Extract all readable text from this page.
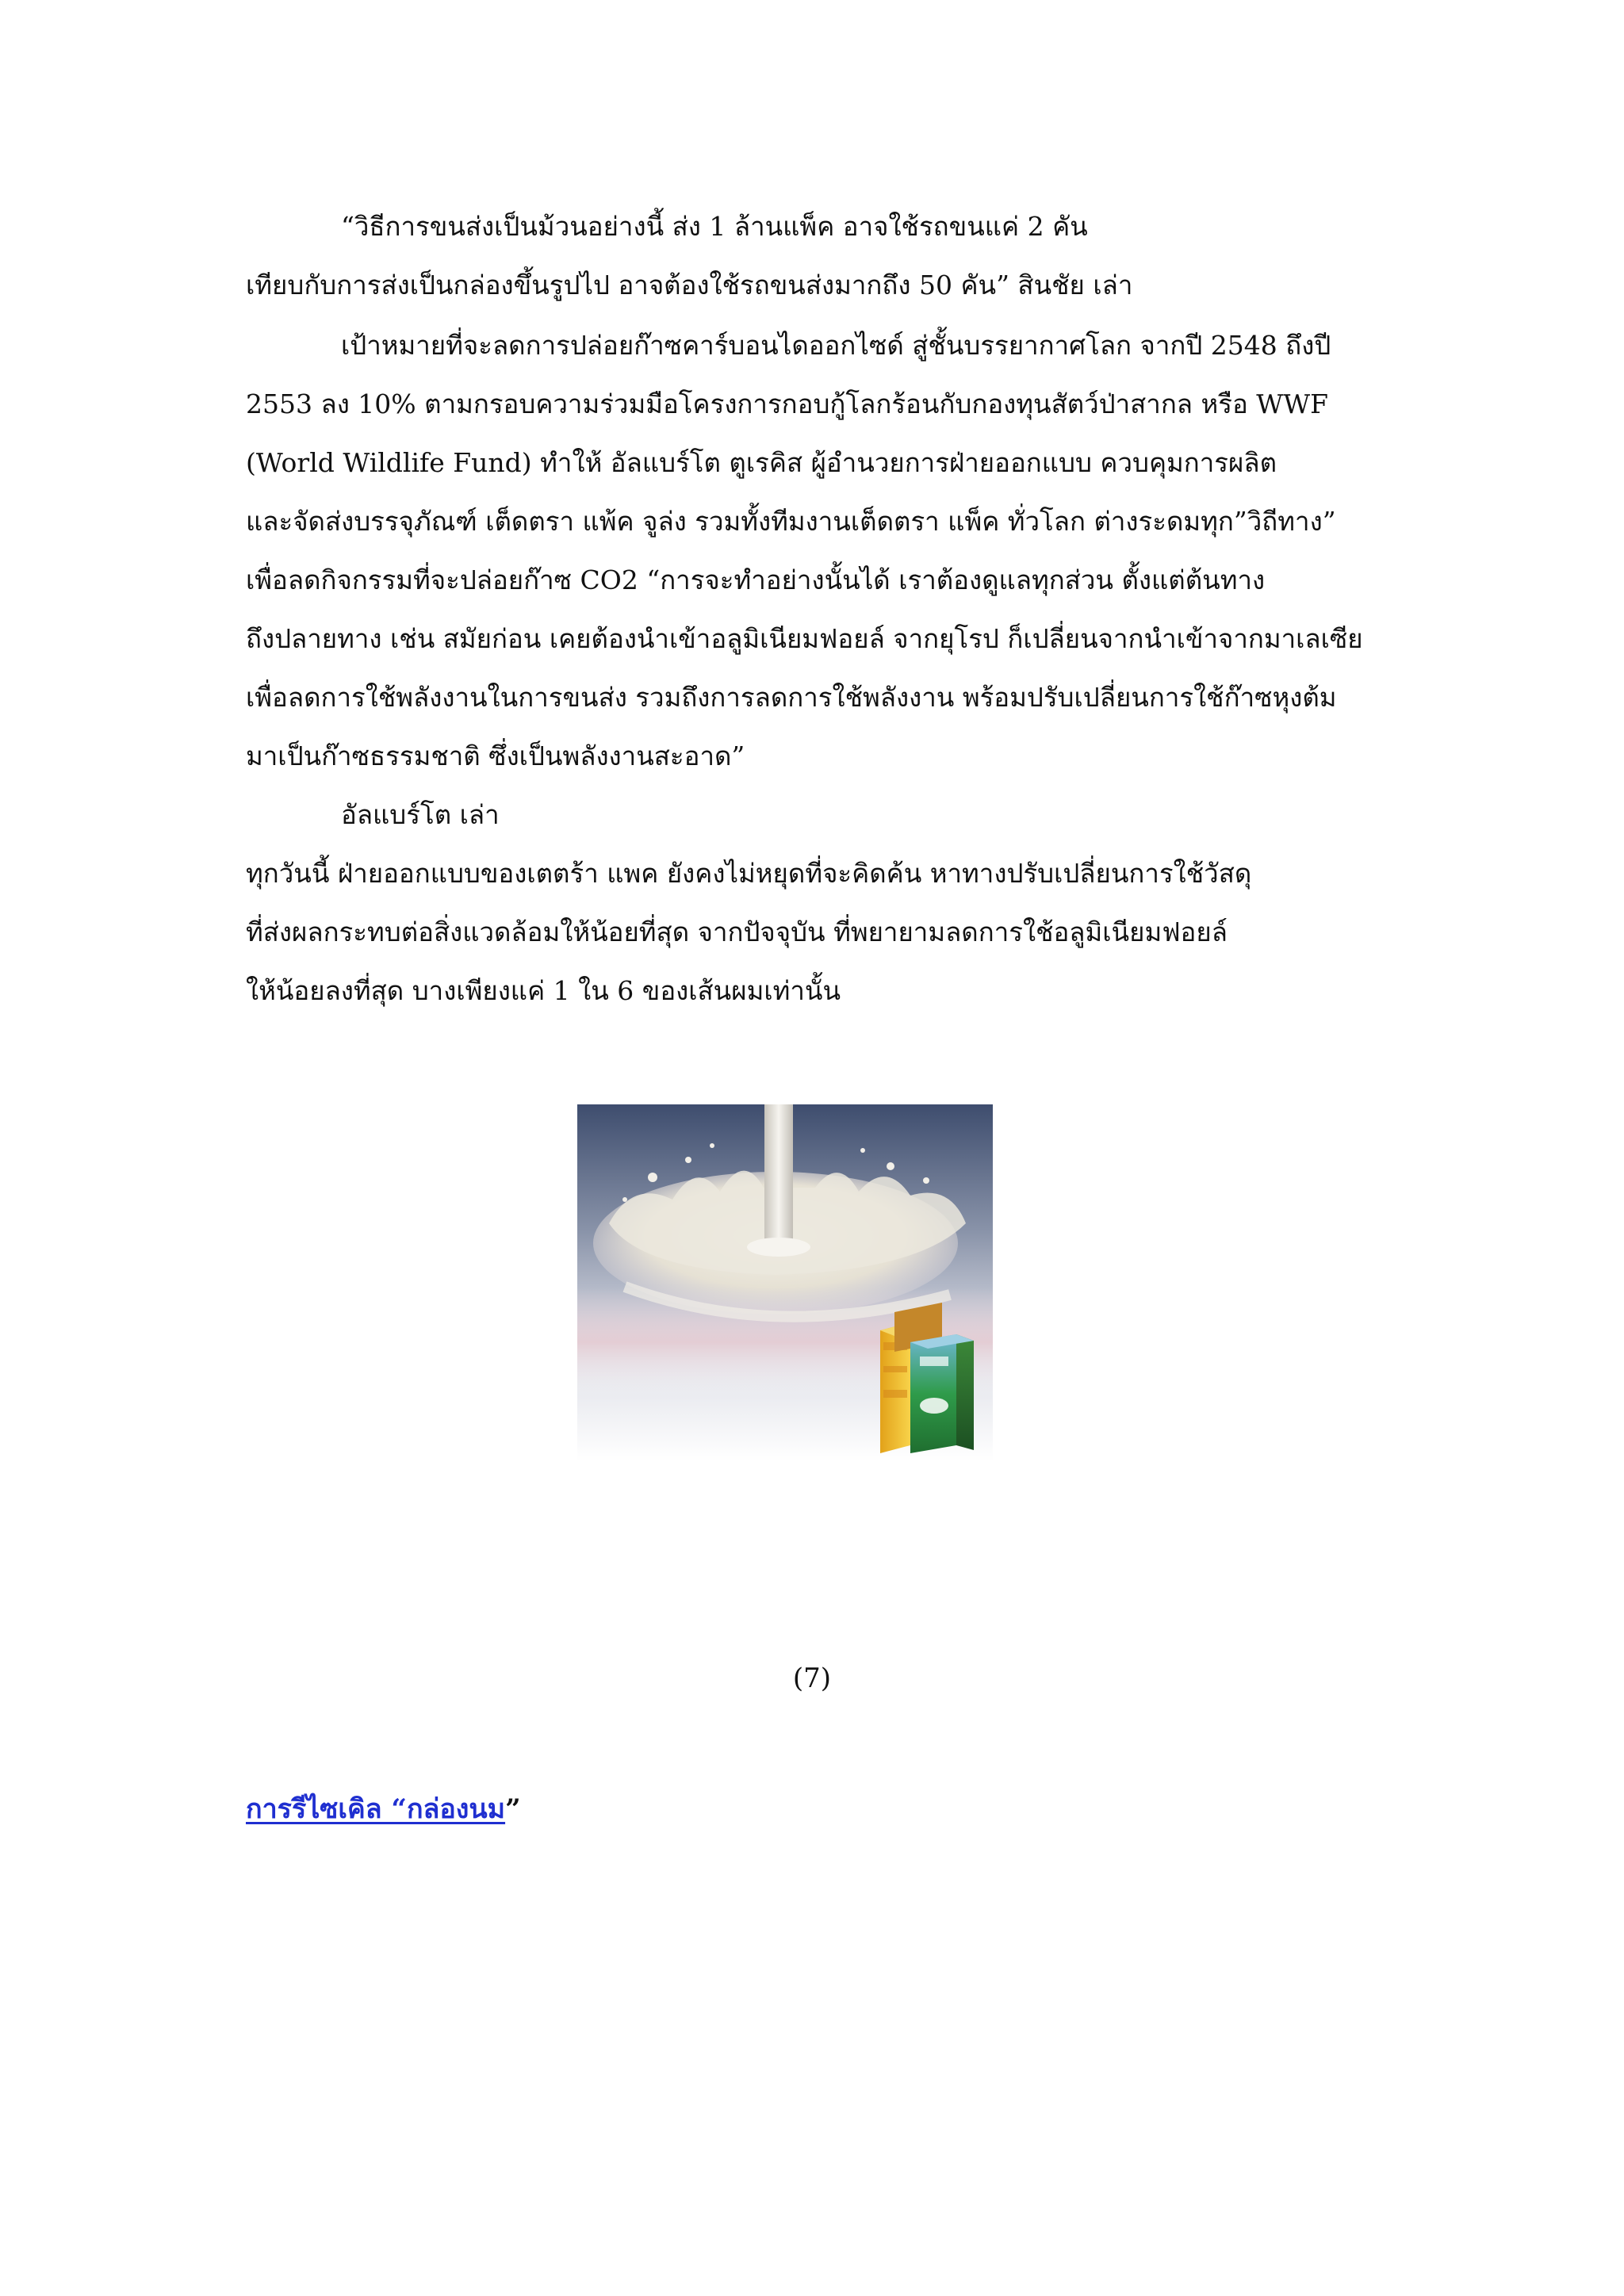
“วิธีการขนส่งเป็นม้วนอย่างนี้ ส่ง 1 ล้านแพ็ค อาจใช้รถขนแค่ 2 คัน
เทียบกับการส่งเป็นกล่องขึ้นรูปไป อาจต้องใช้รถขนส่งมากถึง 50 คัน” สินชัย เล่า
เป้าหมายที่จะลดการปล่อยก๊าซคาร์บอนไดออกไซด์ สู่ชั้นบรรยากาศโลก จากปี 2548 ถึงปี
2553 ลง 10% ตามกรอบความร่วมมือโครงการกอบกู้โลกร้อนกับกองทุนสัตว์ป่าสากล หรือ WWF
(World Wildlife Fund) ทำให้ อัลแบร์โต ตูเรคิส ผู้อำนวยการฝ่ายออกแบบ ควบคุมการผลิต
และจัดส่งบรรจุภัณฑ์ เต็ดตรา แพ้ค จูล่ง รวมทั้งทีมงานเต็ดตรา แพ็ค ทั่วโลก ต่างระดมทุก”วิถีทาง”
เพื่อลดกิจกรรมที่จะปล่อยก๊าซ CO2 “การจะทำอย่างนั้นได้ เราต้องดูแลทุกส่วน ตั้งแต่ต้นทาง
ถึงปลายทาง เช่น สมัยก่อน เคยต้องนำเข้าอลูมิเนียมฟอยล์ จากยุโรป ก็เปลี่ยนจากนำเข้าจากมาเลเซีย
เพื่อลดการใช้พลังงานในการขนส่ง รวมถึงการลดการใช้พลังงาน พร้อมปรับเปลี่ยนการใช้ก๊าซหุงต้ม
มาเป็นก๊าซธรรมชาติ ซึ่งเป็นพลังงานสะอาด”
อัลแบร์โต เล่า
ทุกวันนี้ ฝ่ายออกแบบของเตตร้า แพค ยังคงไม่หยุดที่จะคิดค้น หาทางปรับเปลี่ยนการใช้วัสดุ
ที่ส่งผลกระทบต่อสิ่งแวดล้อมให้น้อยที่สุด จากปัจจุบัน ที่พยายามลดการใช้อลูมิเนียมฟอยล์
ให้น้อยลงที่สุด บางเพียงแค่ 1 ใน 6 ของเส้นผมเท่านั้น
(7)
การรีไซเคิล “กล่องนม”
